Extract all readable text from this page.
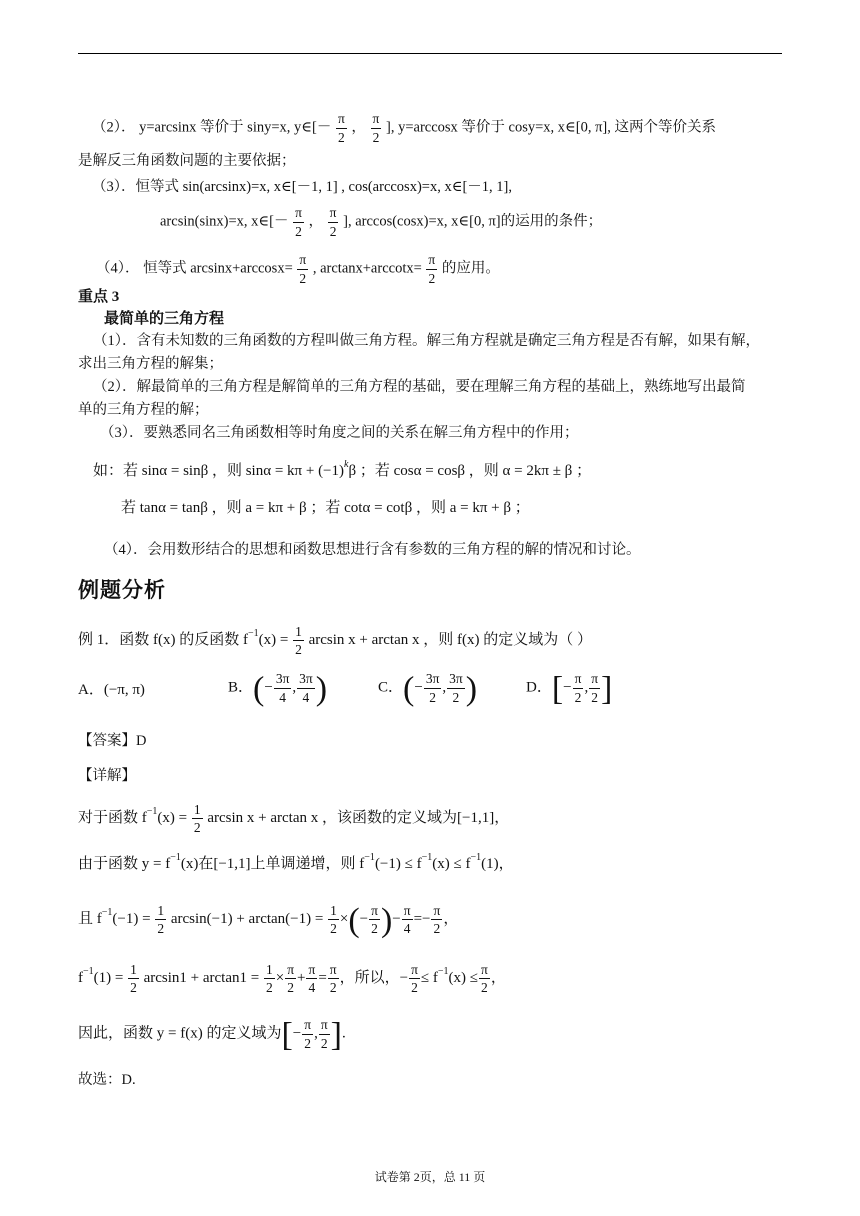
（2）． y=arcsinx 等价于 siny=x, y∈[－ $\frac{\pi}{2}$ ， $\frac{\pi}{2}$ ], y=arccosx 等价于 cosy=x, x∈[0, π], 这两个等价关系
是解反三角函数问题的主要依据；
（3）．恒等式 sin(arcsinx)=x, x∈[－1, 1] , cos(arccosx)=x, x∈[－1, 1],
arcsin(sinx)=x, x∈[－ $\frac{\pi}{2}$ ， $\frac{\pi}{2}$ ], arccos(cosx)=x, x∈[0, π]的运用的条件；
（4）． 恒等式 $\arcsin x+\arccos x= \frac{\pi}{2}$ , $\arctan x+arccotx= \frac{\pi}{2}$ 的应用。
重点 3
最简单的三角方程
（1）．含有未知数的三角函数的方程叫做三角方程。解三角方程就是确定三角方程是否有解，如果有解，
求出三角方程的解集；
（2）．解最简单的三角方程是解简单的三角方程的基础，要在理解三角方程的基础上，熟练地写出最简
单的三角方程的解；
（3）．要熟悉同名三角函数相等时角度之间的关系在解三角方程中的作用；
如：若 sinα = sinβ ，则 $\sin\alpha = k\pi + (-1)^k\beta$ ；若 cosα = cosβ ，则 α = 2kπ ± β ；
若 tanα = tanβ ，则 a = kπ + β ；若 cotα = cotβ ，则 a = kπ + β ；
（4）．会用数形结合的思想和函数思想进行含有参数的三角方程的解的情况和讨论。
例题分析
例 1．函数 f(x) 的反函数 $f^{-1}(x) = \frac{1}{2}$ arcsin x + arctan x ，则 f(x) 的定义域为（ ）
A．(−π, π)	B．(− $\frac{3\pi}{4}$ , $\frac{3\pi}{4}$ )	C．(− $\frac{3\pi}{2}$ , $\frac{3\pi}{2}$ )	D．[− $\frac{\pi}{2}$ , $\frac{\pi}{2}$ ]
【答案】D
【详解】
对于函数 $f^{-1}(x) = \frac{1}{2}$ arcsin x + arctan x ，该函数的定义域为[−1,1]，
由于函数 $y = f^{-1}(x)$在[−1,1]上单调递增，则 $f^{-1}(-1) \le f^{-1}(x) \le f^{-1}(1)$，
且 $f^{-1}(-1) = \frac{1}{2} \arcsin(-1) + \arctan(-1) = \frac{1}{2}$ ×(− $\frac{\pi}{2}$ )− $\frac{\pi}{4} =- \frac{\pi}{2}$ ，
$f^{-1}(1) = \frac{1}{2} \arcsin 1 + \arctan 1 = \frac{1}{2} \times \frac{\pi}{2} + \frac{\pi}{4} = \frac{\pi}{2}$ ，所以，− $\frac{\pi}{2} \le f^{-1}(x) \le \frac{\pi}{2}$ ，
因此，函数 y = f(x) 的定义域为[− $\frac{\pi}{2}$ , $\frac{\pi}{2}$ ].
故选：D.
试卷第 2页，总 11 页
